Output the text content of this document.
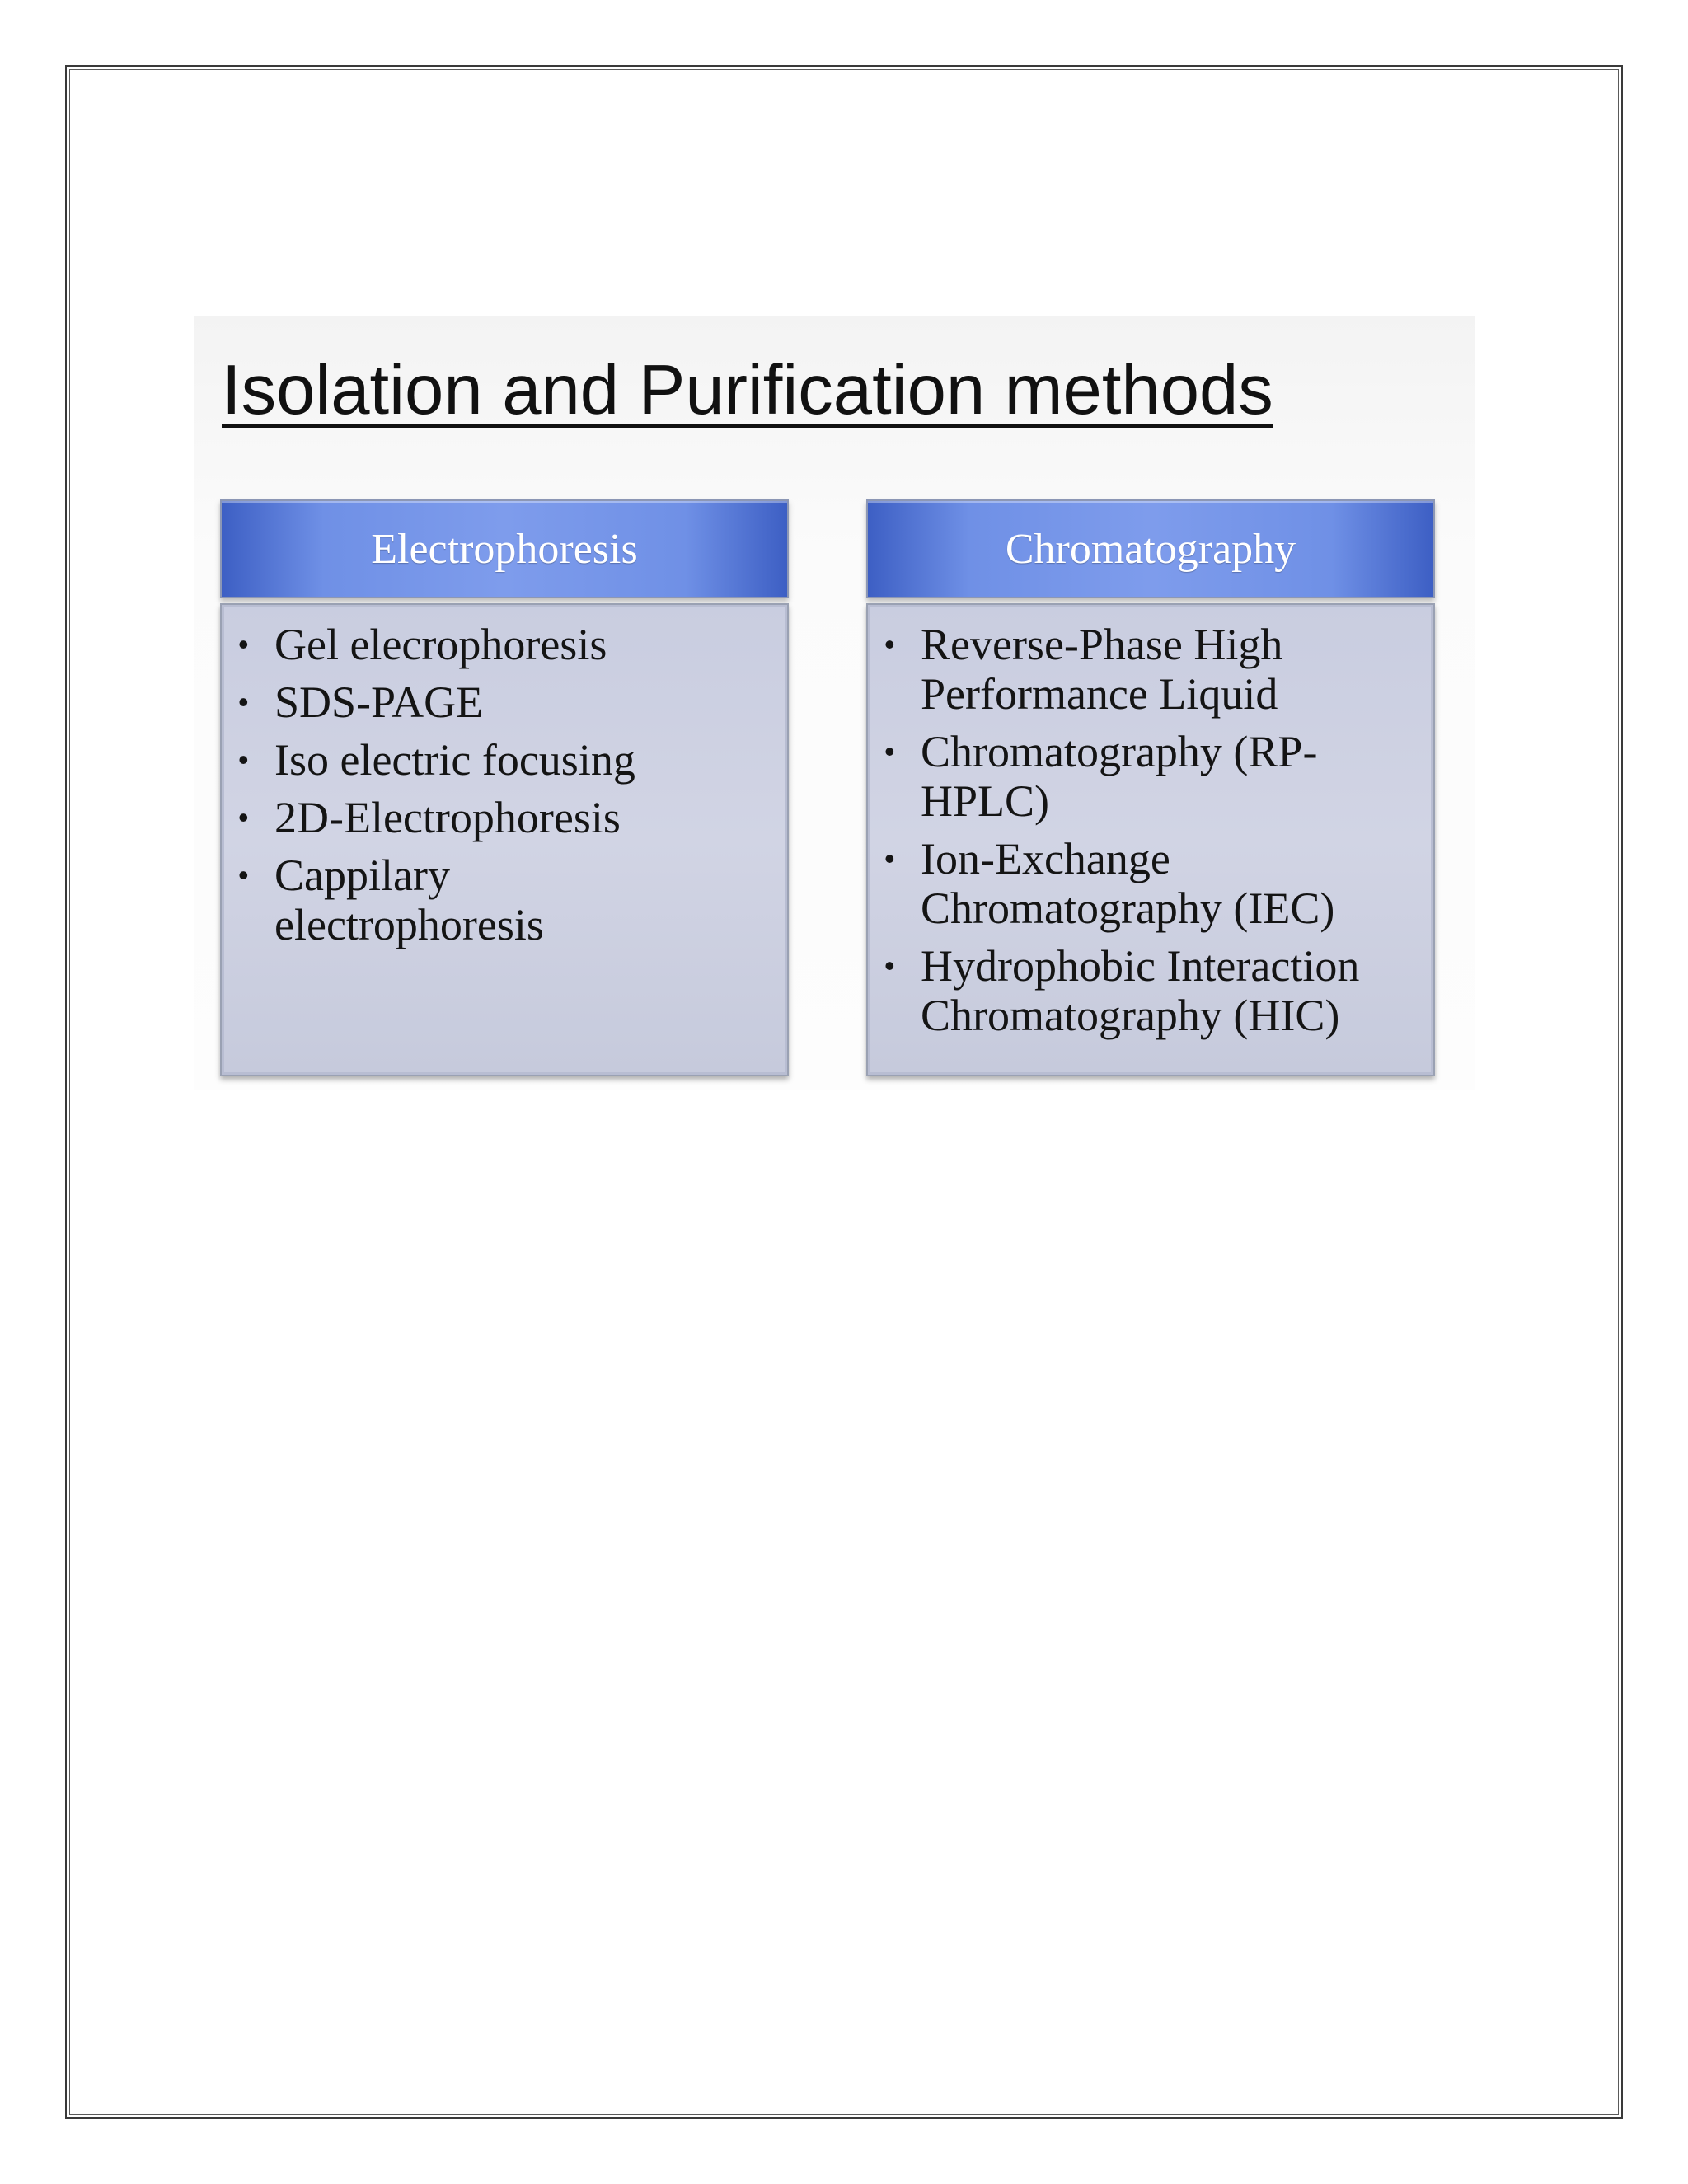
Isolation and Purification methods
Electrophoresis
• Gel elecrophoresis
• SDS-PAGE
• Iso electric focusing
• 2D-Electrophoresis
• Cappilary electrophoresis
Chromatography
• Reverse-Phase High Performance Liquid
• Chromatography (RP-HPLC)
• Ion-Exchange Chromatography (IEC)
• Hydrophobic Interaction Chromatography (HIC)
